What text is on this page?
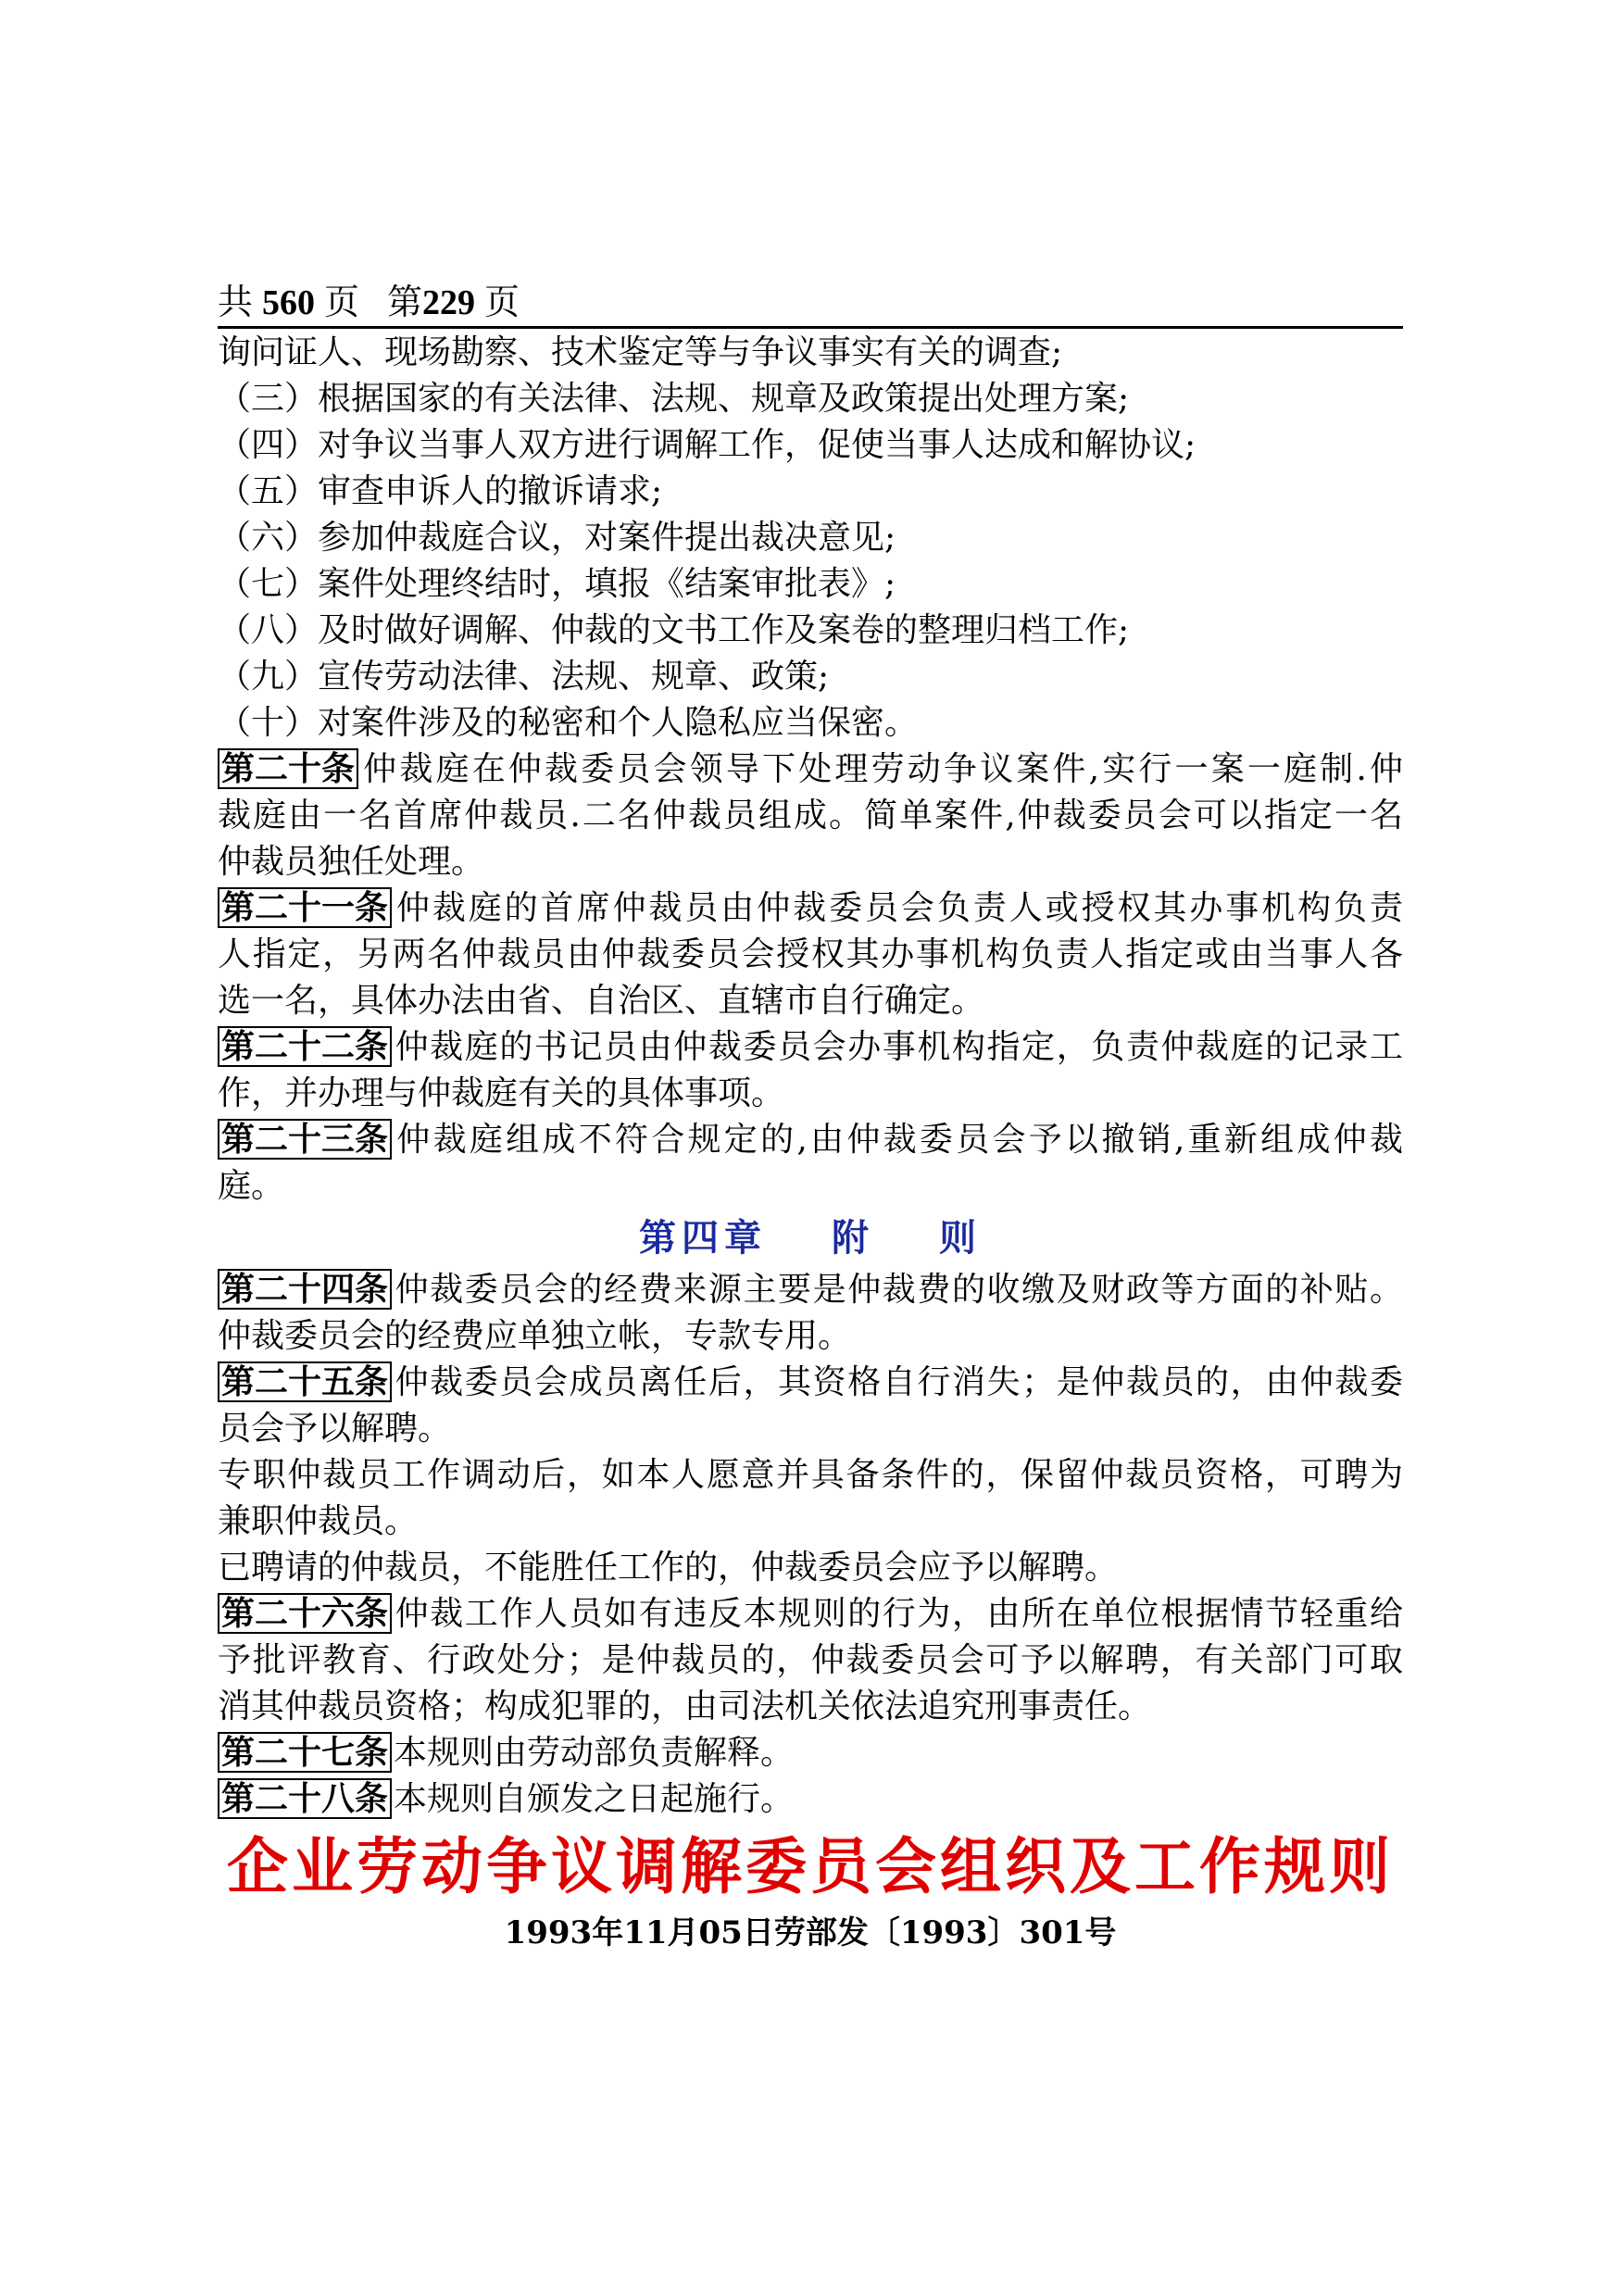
共 560 页 第229 页
询问证人、现场勘察、技术鉴定等与争议事实有关的调查;
（三）根据国家的有关法律、法规、规章及政策提出处理方案;
（四）对争议当事人双方进行调解工作，促使当事人达成和解协议;
（五）审查申诉人的撤诉请求;
（六）参加仲裁庭合议，对案件提出裁决意见;
（七）案件处理终结时，填报《结案审批表》;
（八）及时做好调解、仲裁的文书工作及案卷的整理归档工作;
（九）宣传劳动法律、法规、规章、政策;
（十）对案件涉及的秘密和个人隐私应当保密。
第二十条 仲裁庭在仲裁委员会领导下处理劳动争议案件,实行一案一庭制.仲
裁庭由一名首席仲裁员.二名仲裁员组成。简单案件,仲裁委员会可以指定一名
仲裁员独任处理。
第二十一条 仲裁庭的首席仲裁员由仲裁委员会负责人或授权其办事机构负责
人指定，另两名仲裁员由仲裁委员会授权其办事机构负责人指定或由当事人各
选一名，具体办法由省、自治区、直辖市自行确定。
第二十二条 仲裁庭的书记员由仲裁委员会办事机构指定，负责仲裁庭的记录工
作，并办理与仲裁庭有关的具体事项。
第二十三条 仲裁庭组成不符合规定的,由仲裁委员会予以撤销,重新组成仲裁
庭。
第四章 附 则
第二十四条 仲裁委员会的经费来源主要是仲裁费的收缴及财政等方面的补贴。
仲裁委员会的经费应单独立帐，专款专用。
第二十五条 仲裁委员会成员离任后，其资格自行消失；是仲裁员的，由仲裁委
员会予以解聘。
专职仲裁员工作调动后，如本人愿意并具备条件的，保留仲裁员资格，可聘为
兼职仲裁员。
已聘请的仲裁员，不能胜任工作的，仲裁委员会应予以解聘。
第二十六条 仲裁工作人员如有违反本规则的行为，由所在单位根据情节轻重给
予批评教育、行政处分；是仲裁员的，仲裁委员会可予以解聘，有关部门可取
消其仲裁员资格；构成犯罪的，由司法机关依法追究刑事责任。
第二十七条 本规则由劳动部负责解释。
第二十八条 本规则自颁发之日起施行。
企业劳动争议调解委员会组织及工作规则
1993年11月05日劳部发〔1993〕301号
